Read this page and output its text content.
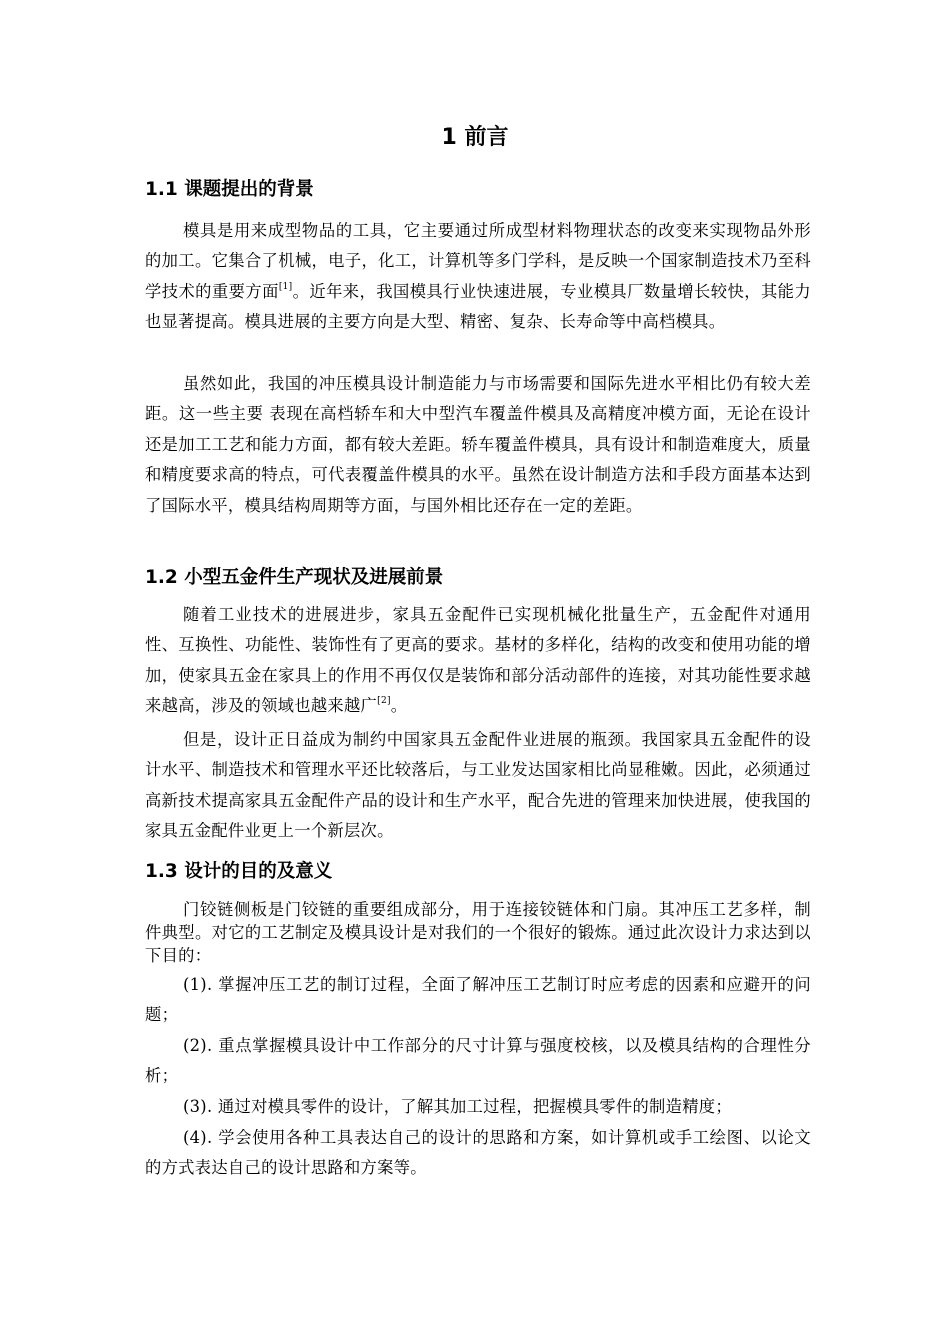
1 前言
1.1 课题提出的背景

模具是用来成型物品的工具，它主要通过所成型材料物理状态的改变来实现物品外形的加工。它集合了机械，电子，化工，计算机等多门学科，是反映一个国家制造技术乃至科学技术的重要方面[1]。近年来，我国模具行业快速进展，专业模具厂数量增长较快，其能力也显著提高。模具进展的主要方向是大型、精密、复杂、长寿命等中高档模具。

虽然如此，我国的冲压模具设计制造能力与市场需要和国际先进水平相比仍有较大差距。这一些主要 表现在高档轿车和大中型汽车覆盖件模具及高精度冲模方面，无论在设计还是加工工艺和能力方面，都有较大差距。轿车覆盖件模具，具有设计和制造难度大，质量和精度要求高的特点，可代表覆盖件模具的水平。虽然在设计制造方法和手段方面基本达到了国际水平，模具结构周期等方面，与国外相比还存在一定的差距。

1.2 小型五金件生产现状及进展前景

随着工业技术的进展进步，家具五金配件已实现机械化批量生产，五金配件对通用性、互换性、功能性、装饰性有了更高的要求。基材的多样化，结构的改变和使用功能的增加，使家具五金在家具上的作用不再仅仅是装饰和部分活动部件的连接，对其功能性要求越来越高，涉及的领域也越来越广[2]。

但是，设计正日益成为制约中国家具五金配件业进展的瓶颈。我国家具五金配件的设计水平、制造技术和管理水平还比较落后，与工业发达国家相比尚显稚嫩。因此，必须通过高新技术提高家具五金配件产品的设计和生产水平，配合先进的管理来加快进展，使我国的家具五金配件业更上一个新层次。

1.3 设计的目的及意义

门铰链侧板是门铰链的重要组成部分，用于连接铰链体和门扇。其冲压工艺多样，制件典型。对它的工艺制定及模具设计是对我们的一个很好的锻炼。通过此次设计力求达到以下目的：

(1). 掌握冲压工艺的制订过程，全面了解冲压工艺制订时应考虑的因素和应避开的问题；

(2). 重点掌握模具设计中工作部分的尺寸计算与强度校核，以及模具结构的合理性分析；

(3). 通过对模具零件的设计，了解其加工过程，把握模具零件的制造精度；

(4). 学会使用各种工具表达自己的设计的思路和方案，如计算机或手工绘图、以论文的方式表达自己的设计思路和方案等。
